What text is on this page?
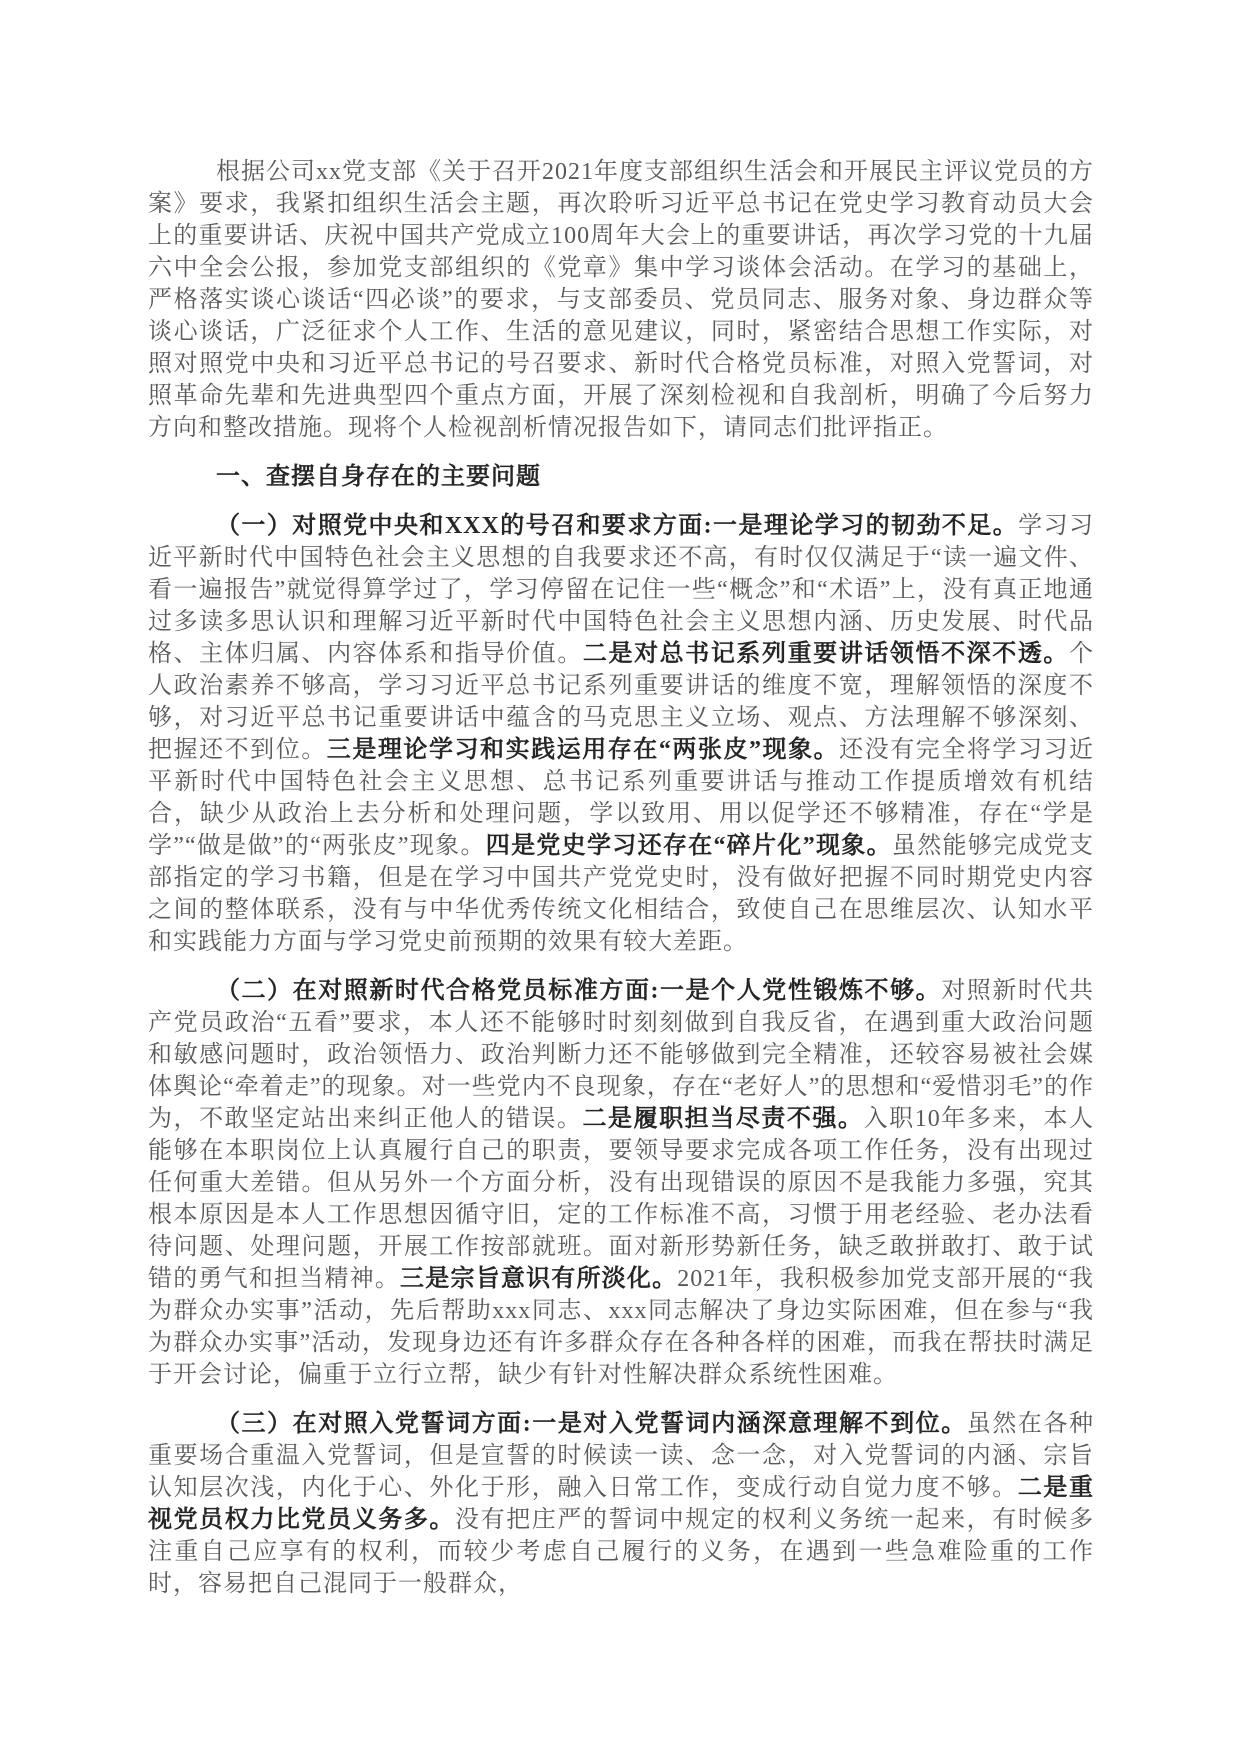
根据公司xx党支部《关于召开2021年度支部组织生活会和开展民主评议党员的方案》要求，我紧扣组织生活会主题，再次聆听习近平总书记在党史学习教育动员大会上的重要讲话、庆祝中国共产党成立100周年大会上的重要讲话，再次学习党的十九届六中全会公报，参加党支部组织的《党章》集中学习谈体会活动。在学习的基础上，严格落实谈心谈话“四必谈”的要求，与支部委员、党员同志、服务对象、身边群众等谈心谈话，广泛征求个人工作、生活的意见建议，同时，紧密结合思想工作实际，对照对照党中央和习近平总书记的号召要求、新时代合格党员标准，对照入党誓词，对照革命先辈和先进典型四个重点方面，开展了深刻检视和自我剖析，明确了今后努力方向和整改措施。现将个人检视剖析情况报告如下，请同志们批评指正。

一、查摆自身存在的主要问题

（一）对照党中央和XXX的号召和要求方面:一是理论学习的韧劲不足。学习习近平新时代中国特色社会主义思想的自我要求还不高，有时仅仅满足于“读一遍文件、看一遍报告”就觉得算学过了，学习停留在记住一些“概念”和“术语”上，没有真正地通过多读多思认识和理解习近平新时代中国特色社会主义思想内涵、历史发展、时代品格、主体归属、内容体系和指导价值。二是对总书记系列重要讲话领悟不深不透。个人政治素养不够高，学习习近平总书记系列重要讲话的维度不宽，理解领悟的深度不够，对习近平总书记重要讲话中蕴含的马克思主义立场、观点、方法理解不够深刻、把握还不到位。三是理论学习和实践运用存在“两张皮”现象。还没有完全将学习习近平新时代中国特色社会主义思想、总书记系列重要讲话与推动工作提质增效有机结合，缺少从政治上去分析和处理问题，学以致用、用以促学还不够精准，存在“学是学”“做是做”的“两张皮”现象。四是党史学习还存在“碎片化”现象。虽然能够完成党支部指定的学习书籍，但是在学习中国共产党党史时，没有做好把握不同时期党史内容之间的整体联系，没有与中华优秀传统文化相结合，致使自己在思维层次、认知水平和实践能力方面与学习党史前预期的效果有较大差距。

（二）在对照新时代合格党员标准方面:一是个人党性锻炼不够。对照新时代共产党员政治“五看”要求，本人还不能够时时刻刻做到自我反省，在遇到重大政治问题和敏感问题时，政治领悟力、政治判断力还不能够做到完全精准，还较容易被社会媒体舆论“牵着走”的现象。对一些党内不良现象，存在“老好人”的思想和“爱惜羽毛”的作为，不敢坚定站出来纠正他人的错误。二是履职担当尽责不强。入职10年多来，本人能够在本职岗位上认真履行自己的职责，要领导要求完成各项工作任务，没有出现过任何重大差错。但从另外一个方面分析，没有出现错误的原因不是我能力多强，究其根本原因是本人工作思想因循守旧，定的工作标准不高，习惯于用老经验、老办法看待问题、处理问题，开展工作按部就班。面对新形势新任务，缺乏敢拼敢打、敢于试错的勇气和担当精神。三是宗旨意识有所淡化。2021年，我积极参加党支部开展的“我为群众办实事”活动，先后帮助xxx同志、xxx同志解决了身边实际困难，但在参与“我为群众办实事”活动，发现身边还有许多群众存在各种各样的困难，而我在帮扶时满足于开会讨论，偏重于立行立帮，缺少有针对性解决群众系统性困难。

（三）在对照入党誓词方面:一是对入党誓词内涵深意理解不到位。虽然在各种重要场合重温入党誓词，但是宣誓的时候读一读、念一念，对入党誓词的内涵、宗旨认知层次浅，内化于心、外化于形，融入日常工作，变成行动自觉力度不够。二是重视党员权力比党员义务多。没有把庄严的誓词中规定的权利义务统一起来，有时候多注重自己应享有的权利，而较少考虑自己履行的义务，在遇到一些急难险重的工作时，容易把自己混同于一般群众，
